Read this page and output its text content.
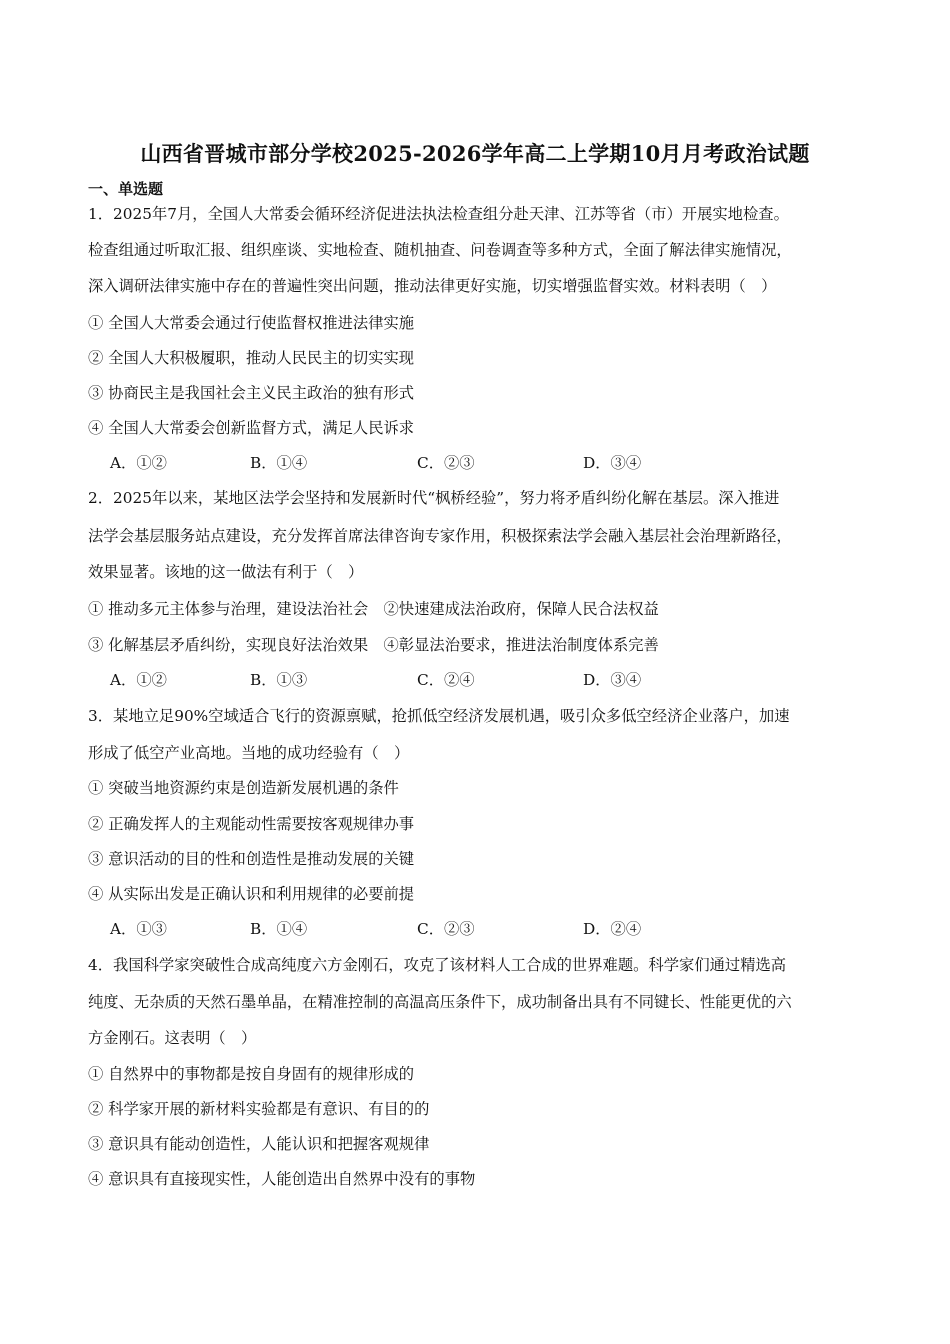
山西省晋城市部分学校2025-2026学年高二上学期10月月考政治试题
一、单选题
1．2025年7月，全国人大常委会循环经济促进法执法检查组分赴天津、江苏等省（市）开展实地检查。
检查组通过听取汇报、组织座谈、实地检查、随机抽查、问卷调查等多种方式，全面了解法律实施情况，
深入调研法律实施中存在的普遍性突出问题，推动法律更好实施，切实增强监督实效。材料表明（　）
① 全国人大常委会通过行使监督权推进法律实施
② 全国人大积极履职，推动人民民主的切实实现
③ 协商民主是我国社会主义民主政治的独有形式
④ 全国人大常委会创新监督方式，满足人民诉求
A．①②	B．①④	C．②③	D．③④
2．2025年以来，某地区法学会坚持和发展新时代“枫桥经验”，努力将矛盾纠纷化解在基层。深入推进
法学会基层服务站点建设，充分发挥首席法律咨询专家作用，积极探索法学会融入基层社会治理新路径，
效果显著。该地的这一做法有利于（　）
① 推动多元主体参与治理，建设法治社会　②快速建成法治政府，保障人民合法权益
③ 化解基层矛盾纠纷，实现良好法治效果　④彰显法治要求，推进法治制度体系完善
A．①②	B．①③	C．②④	D．③④
3．某地立足90%空域适合飞行的资源禀赋，抢抓低空经济发展机遇，吸引众多低空经济企业落户，加速
形成了低空产业高地。当地的成功经验有（　）
① 突破当地资源约束是创造新发展机遇的条件
② 正确发挥人的主观能动性需要按客观规律办事
③ 意识活动的目的性和创造性是推动发展的关键
④ 从实际出发是正确认识和利用规律的必要前提
A．①③	B．①④	C．②③	D．②④
4．我国科学家突破性合成高纯度六方金刚石，攻克了该材料人工合成的世界难题。科学家们通过精选高
纯度、无杂质的天然石墨单晶，在精准控制的高温高压条件下，成功制备出具有不同键长、性能更优的六
方金刚石。这表明（　）
① 自然界中的事物都是按自身固有的规律形成的
② 科学家开展的新材料实验都是有意识、有目的的
③ 意识具有能动创造性，人能认识和把握客观规律
④ 意识具有直接现实性，人能创造出自然界中没有的事物
